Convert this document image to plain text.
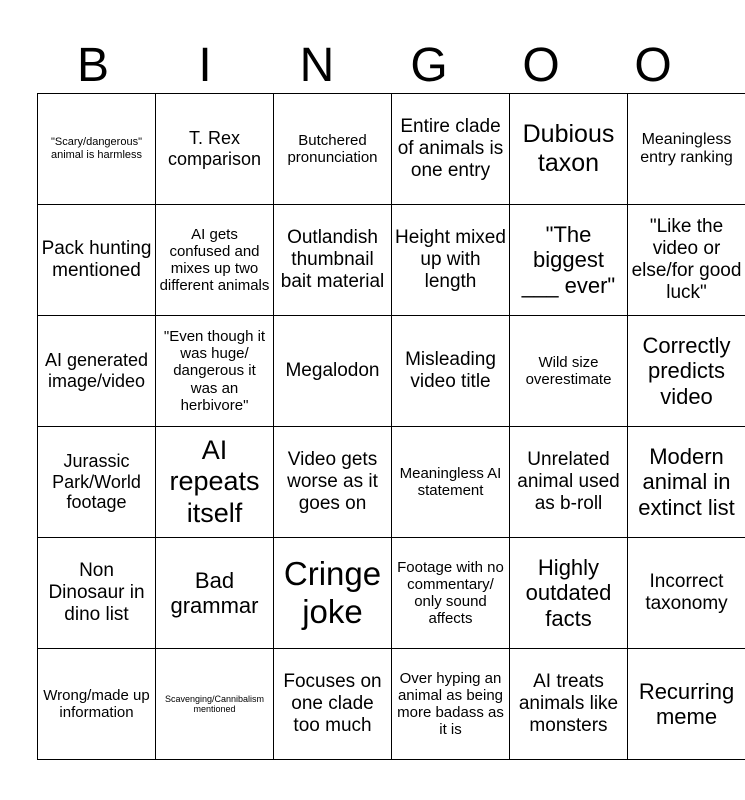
B	I	N	G	O	O
"Scary/dangerous" animal is harmless	T. Rex comparison	Butchered pronunciation	Entire clade of animals is one entry	Dubious taxon	Meaningless entry ranking
Pack hunting mentioned	AI gets confused and mixes up two different animals	Outlandish thumbnail bait material	Height mixed up with length	"The biggest ___ ever"	"Like the video or else/for good luck"
AI generated image/video	"Even though it was huge/ dangerous it was an herbivore"	Megalodon	Misleading video title	Wild size overestimate	Correctly predicts video
Jurassic Park/World footage	AI repeats itself	Video gets worse as it goes on	Meaningless AI statement	Unrelated animal used as b-roll	Modern animal in extinct list
Non Dinosaur in dino list	Bad grammar	Cringe joke	Footage with no commentary/ only sound affects	Highly outdated facts	Incorrect taxonomy
Wrong/made up information	Scavenging/Cannibalism mentioned	Focuses on one clade too much	Over hyping an animal as being more badass as it is	AI treats animals like monsters	Recurring meme
